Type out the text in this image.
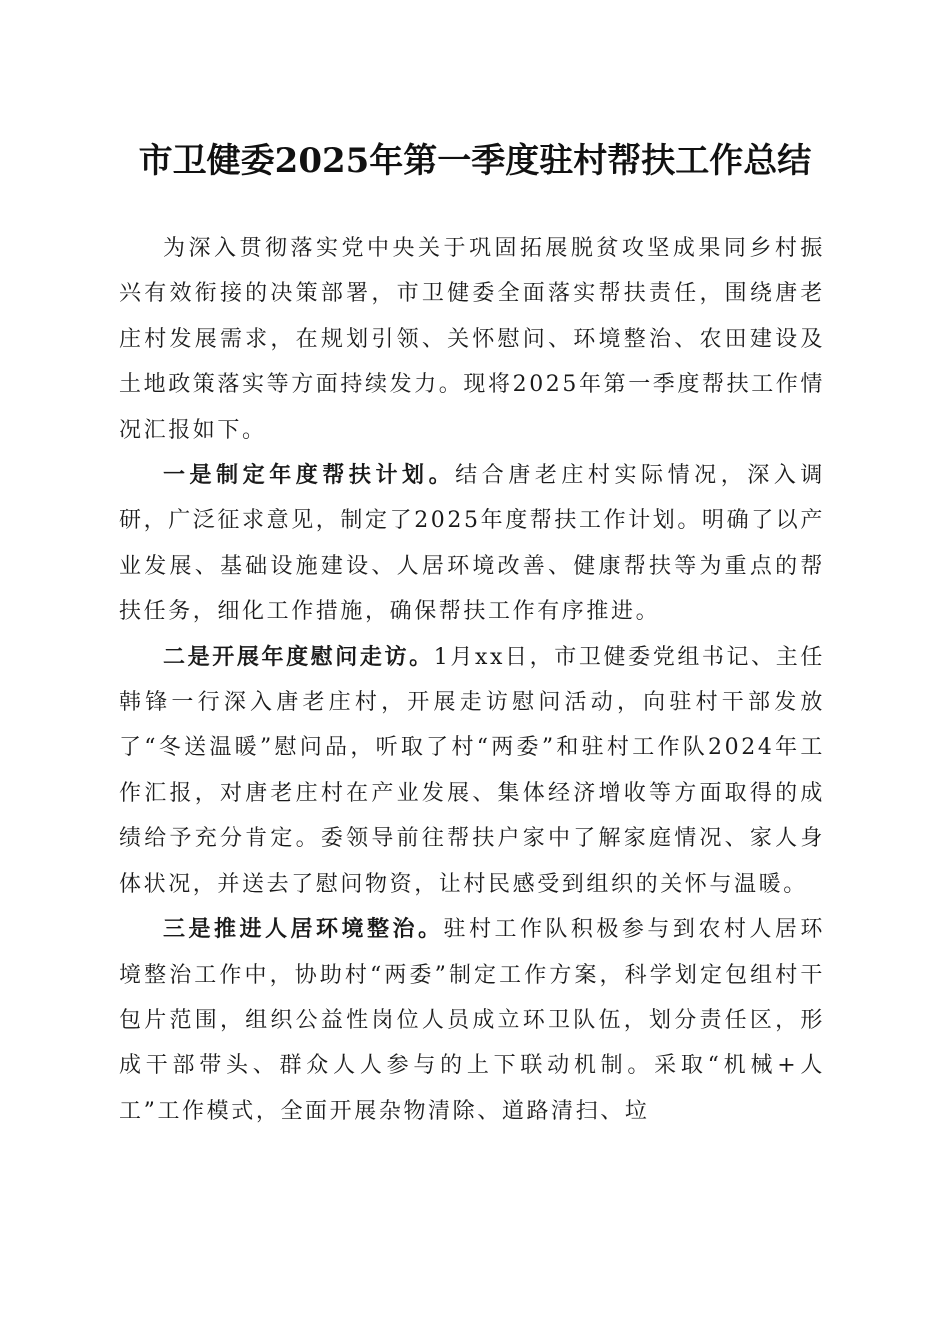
市卫健委2025年第一季度驻村帮扶工作总结

为深入贯彻落实党中央关于巩固拓展脱贫攻坚成果同乡村振兴有效衔接的决策部署，市卫健委全面落实帮扶责任，围绕唐老庄村发展需求，在规划引领、关怀慰问、环境整治、农田建设及土地政策落实等方面持续发力。现将2025年第一季度帮扶工作情况汇报如下。

一是制定年度帮扶计划。结合唐老庄村实际情况，深入调研，广泛征求意见，制定了2025年度帮扶工作计划。明确了以产业发展、基础设施建设、人居环境改善、健康帮扶等为重点的帮扶任务，细化工作措施，确保帮扶工作有序推进。

二是开展年度慰问走访。1月xx日，市卫健委党组书记、主任韩锋一行深入唐老庄村，开展走访慰问活动，向驻村干部发放了“冬送温暖”慰问品，听取了村“两委”和驻村工作队2024年工作汇报，对唐老庄村在产业发展、集体经济增收等方面取得的成绩给予充分肯定。委领导前往帮扶户家中了解家庭情况、家人身体状况，并送去了慰问物资，让村民感受到组织的关怀与温暖。

三是推进人居环境整治。驻村工作队积极参与到农村人居环境整治工作中，协助村“两委”制定工作方案，科学划定包组村干包片范围，组织公益性岗位人员成立环卫队伍，划分责任区，形成干部带头、群众人人参与的上下联动机制。采取“机械+人工”工作模式，全面开展杂物清除、道路清扫、垃
